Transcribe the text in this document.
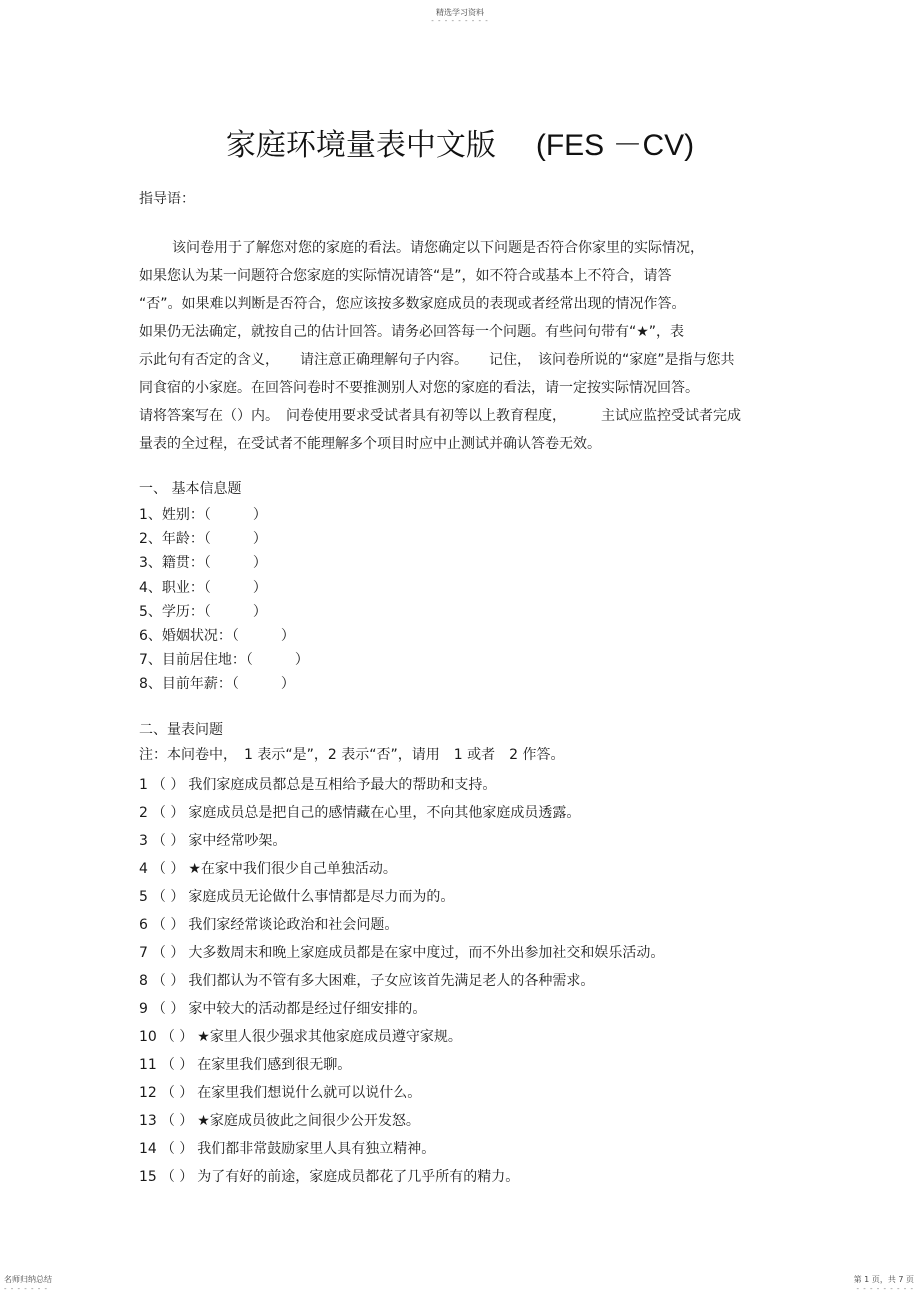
精选学习资料
- - - - - - - - -
家庭环境量表中文版 (FES －CV)
指导语：
该问卷用于了解您对您的家庭的看法。请您确定以下问题是否符合你家里的实际情况，
如果您认为某一问题符合您家庭的实际情况请答“是”，如不符合或基本上不符合，请答
“否”。如果难以判断是否符合，您应该按多数家庭成员的表现或者经常出现的情况作答。
如果仍无法确定，就按自己的估计回答。请务必回答每一个问题。有些问句带有“★”，表
示此句有否定的含义，　　请注意正确理解句子内容。　　记住，　该问卷所说的“家庭”是指与您共
同食宿的小家庭。在回答问卷时不要推测别人对您的家庭的看法，请一定按实际情况回答。
请将答案写在（）内。　问卷使用要求受试者具有初等以上教育程度，　　　主试应监控受试者完成
量表的全过程，在受试者不能理解多个项目时应中止测试并确认答卷无效。
一、 基本信息题
1、姓别：（　　　）
2、年龄：（　　　）
3、籍贯：（　　　）
4、职业：（　　　）
5、学历：（　　　）
6、婚姻状况：（　　　）
7、目前居住地：（　　　）
8、目前年薪：（　　　）
二、量表问题
注：本问卷中，　1 表示“是”，2 表示“否”，请用　1 或者　2 作答。
1 （ ） 我们家庭成员都总是互相给予最大的帮助和支持。
2 （ ） 家庭成员总是把自己的感情藏在心里，不向其他家庭成员透露。
3 （ ） 家中经常吵架。
4 （ ） ★在家中我们很少自己单独活动。
5 （ ） 家庭成员无论做什么事情都是尽力而为的。
6 （ ） 我们家经常谈论政治和社会问题。
7 （ ） 大多数周末和晚上家庭成员都是在家中度过，而不外出参加社交和娱乐活动。
8 （ ） 我们都认为不管有多大困难，子女应该首先满足老人的各种需求。
9 （ ） 家中较大的活动都是经过仔细安排的。
10 （ ） ★家里人很少强求其他家庭成员遵守家规。
11 （ ） 在家里我们感到很无聊。
12 （ ） 在家里我们想说什么就可以说什么。
13 （ ） ★家庭成员彼此之间很少公开发怒。
14 （ ） 我们都非常鼓励家里人具有独立精神。
15 （ ） 为了有好的前途，家庭成员都花了几乎所有的精力。
名师归纳总结
- - - - - - -
第 1 页，共 7 页
- - - - - - - - -
